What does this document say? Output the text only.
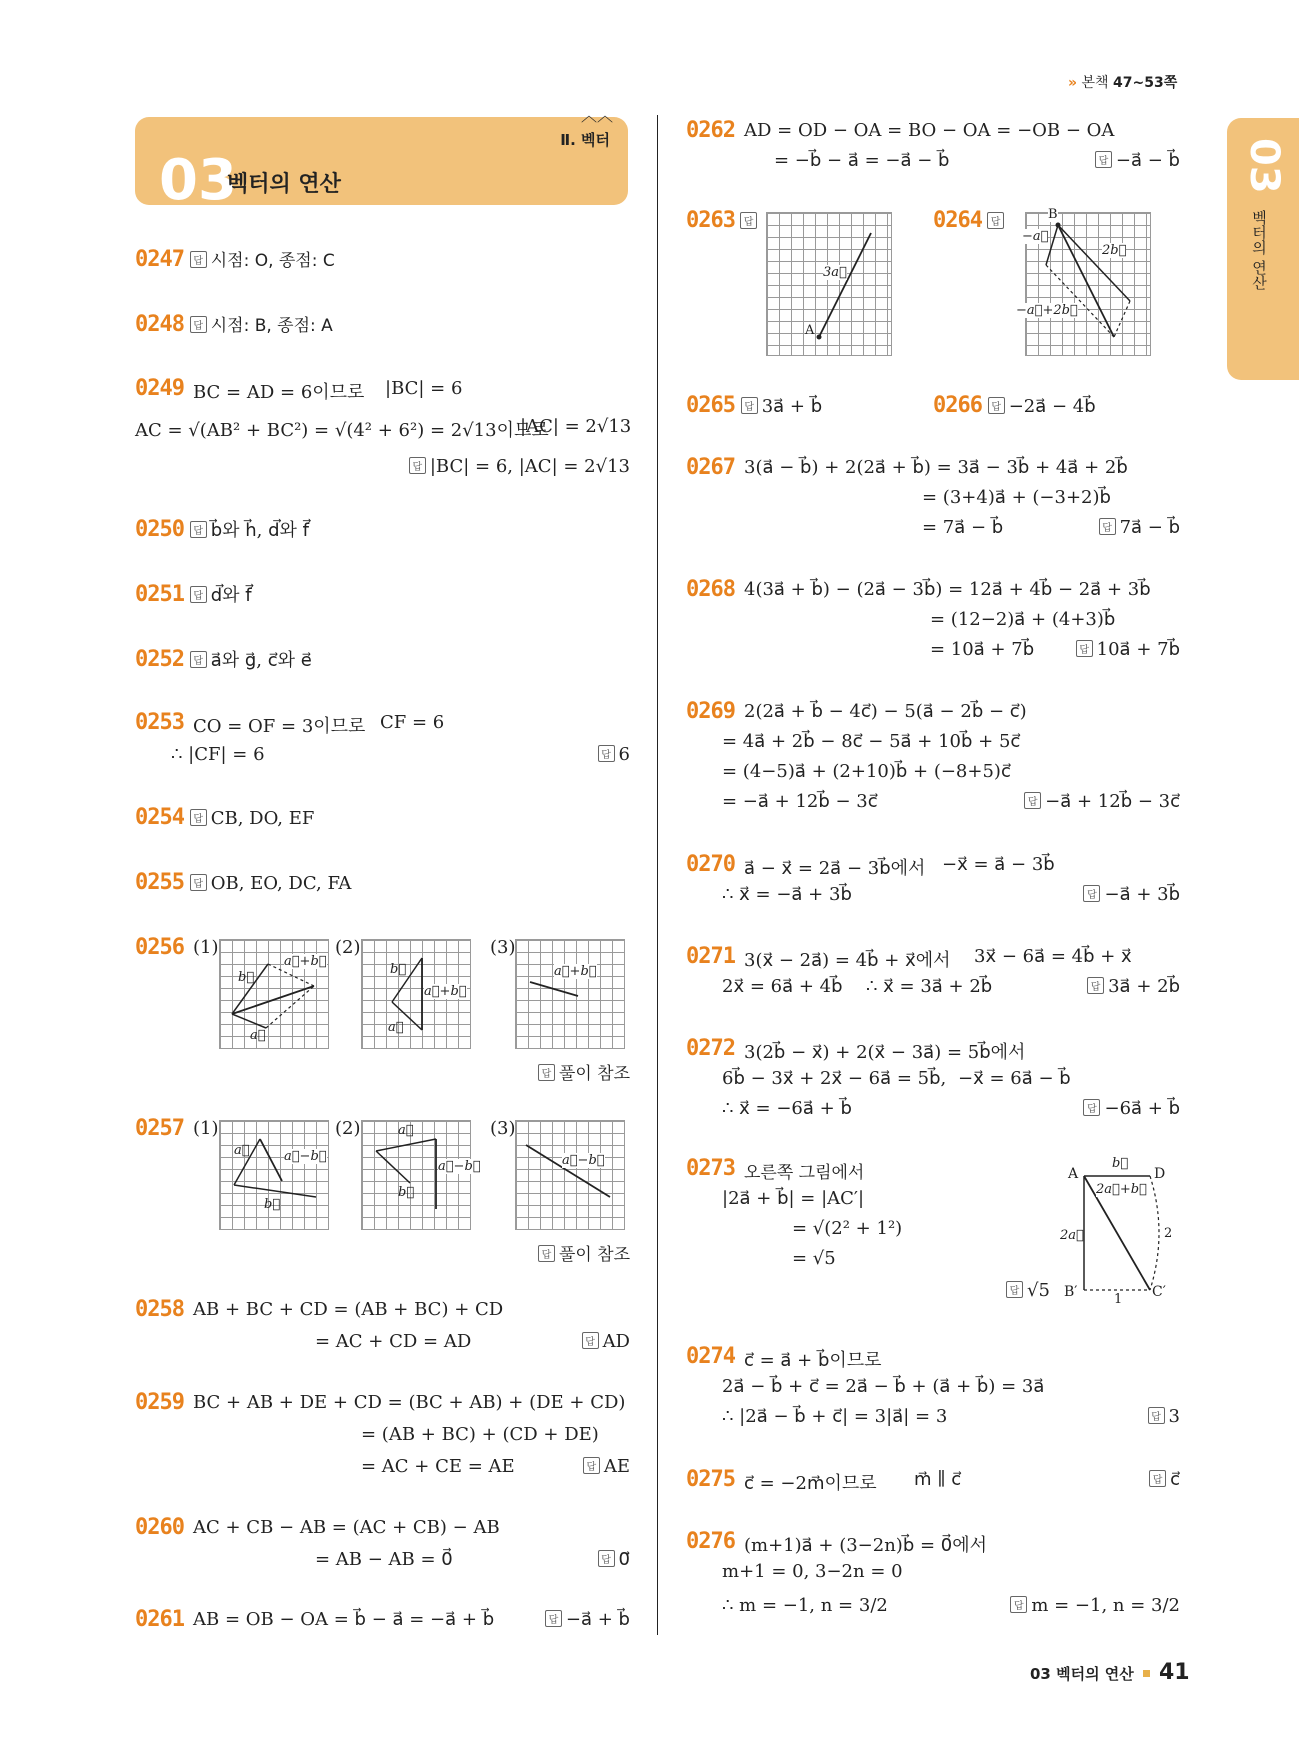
» 본책 47~53쪽
︿︿
Ⅱ. 벡터
03
벡터의 연산	03
벡터의 연산
0247 답 시점: O, 종점: C
0248 답 시점: B, 종점: A
0249 BC = AD = 6이므로 |BC| = 6
AC = √(AB² + BC²) = √(4² + 6²) = 2√13이므로
|AC| = 2√13
답 |BC| = 6, |AC| = 2√13
0250 답 b⃗와 h⃗, d⃗와 f⃗
0251 답 d⃗와 f⃗
0252 답 a⃗와 g⃗, c⃗와 e⃗
0253 CO = OF = 3이므로 CF = 6
∴ |CF| = 6	답 6
0254 답 CB, DO, EF
0255 답 OB, EO, DC, FA
0256 (1)	(2)	(3)
b⃗
a⃗+b⃗
a⃗
b⃗
a⃗+b⃗
a⃗
a⃗+b⃗
답 풀이 참조
0257 (1)	(2)	(3)
a⃗	a⃗−b⃗
b⃗
a⃗
a⃗−b⃗
b⃗
a⃗−b⃗
답 풀이 참조
0258 AB + BC + CD = (AB + BC) + CD
= AC + CD = AD	답 AD
0259 BC + AB + DE + CD = (BC + AB) + (DE + CD)
= (AB + BC) + (CD + DE)
= AC + CE = AE	답 AE
0260 AC + CB − AB = (AC + CB) − AB
= AB − AB = 0⃗	답 0⃗
0261 AB = OB − OA = b⃗ − a⃗ = −a⃗ + b⃗	답 −a⃗ + b⃗
0262 AD = OD − OA = BO − OA = −OB − OA
= −b⃗ − a⃗ = −a⃗ − b⃗	답 −a⃗ − b⃗
0263 답
3a⃗
A
0264 답
B
−a⃗
2b⃗
−a⃗+2b⃗
0265 답 3a⃗ + b⃗	0266 답 −2a⃗ − 4b⃗
0267 3(a⃗ − b⃗) + 2(2a⃗ + b⃗) = 3a⃗ − 3b⃗ + 4a⃗ + 2b⃗
= (3+4)a⃗ + (−3+2)b⃗
= 7a⃗ − b⃗	답 7a⃗ − b⃗
0268 4(3a⃗ + b⃗) − (2a⃗ − 3b⃗) = 12a⃗ + 4b⃗ − 2a⃗ + 3b⃗
= (12−2)a⃗ + (4+3)b⃗
= 10a⃗ + 7b⃗	답 10a⃗ + 7b⃗
0269 2(2a⃗ + b⃗ − 4c⃗) − 5(a⃗ − 2b⃗ − c⃗)
= 4a⃗ + 2b⃗ − 8c⃗ − 5a⃗ + 10b⃗ + 5c⃗
= (4−5)a⃗ + (2+10)b⃗ + (−8+5)c⃗
= −a⃗ + 12b⃗ − 3c⃗	답 −a⃗ + 12b⃗ − 3c⃗
0270 a⃗ − x⃗ = 2a⃗ − 3b⃗에서 −x⃗ = a⃗ − 3b⃗
∴ x⃗ = −a⃗ + 3b⃗	답 −a⃗ + 3b⃗
0271 3(x⃗ − 2a⃗) = 4b⃗ + x⃗에서 3x⃗ − 6a⃗ = 4b⃗ + x⃗
2x⃗ = 6a⃗ + 4b⃗ ∴ x⃗ = 3a⃗ + 2b⃗	답 3a⃗ + 2b⃗
0272 3(2b⃗ − x⃗) + 2(x⃗ − 3a⃗) = 5b⃗에서
6b⃗ − 3x⃗ + 2x⃗ − 6a⃗ = 5b⃗, −x⃗ = 6a⃗ − b⃗
∴ x⃗ = −6a⃗ + b⃗	답 −6a⃗ + b⃗
0273 오른쪽 그림에서
|2a⃗ + b⃗| = |AC′|
= √(2² + 1²)
= √5
답 √5
A	D
B′	C′
b⃗
2a⃗+b⃗
2a⃗	2
1
0274 c⃗ = a⃗ + b⃗이므로
2a⃗ − b⃗ + c⃗ = 2a⃗ − b⃗ + (a⃗ + b⃗) = 3a⃗
∴ |2a⃗ − b⃗ + c⃗| = 3|a⃗| = 3	답 3
0275 c⃗ = −2m⃗이므로 m⃗ ∥ c⃗	답 c⃗
0276 (m+1)a⃗ + (3−2n)b⃗ = 0⃗에서
m+1 = 0, 3−2n = 0
∴ m = −1, n = 3/2	답 m = −1, n = 3/2
03 벡터의 연산 41
